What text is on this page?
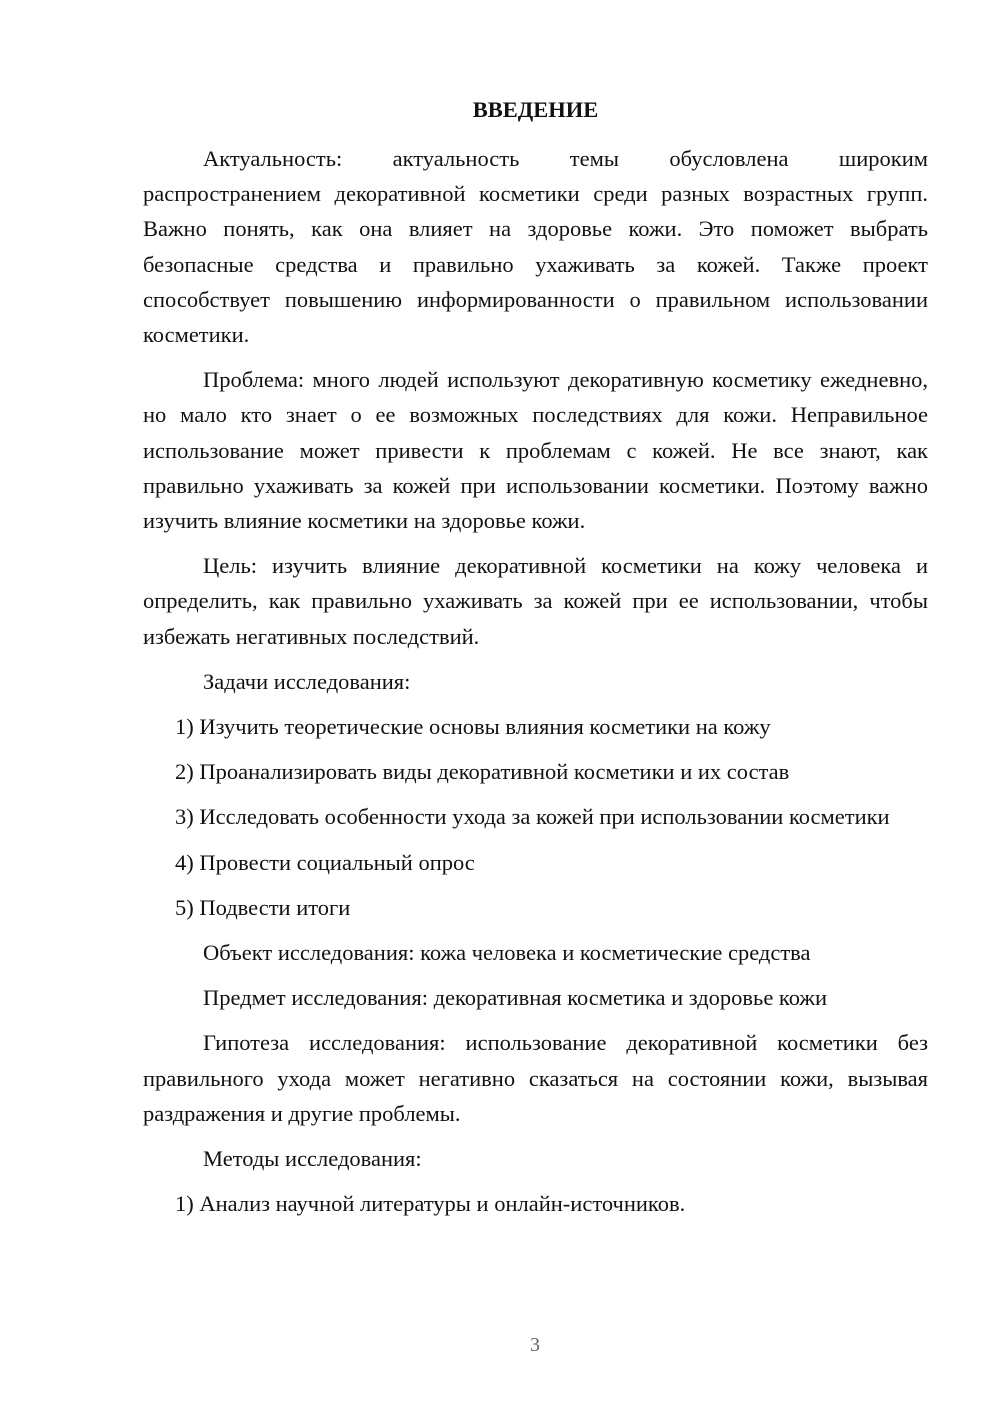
ВВЕДЕНИЕ

Актуальность: актуальность темы обусловлена широким распространением декоративной косметики среди разных возрастных групп. Важно понять, как она влияет на здоровье кожи. Это поможет выбрать безопасные средства и правильно ухаживать за кожей. Также проект способствует повышению информированности о правильном использовании косметики.

Проблема: много людей используют декоративную косметику ежедневно, но мало кто знает о ее возможных последствиях для кожи. Неправильное использование может привести к проблемам с кожей. Не все знают, как правильно ухаживать за кожей при использовании косметики. Поэтому важно изучить влияние косметики на здоровье кожи.

Цель: изучить влияние декоративной косметики на кожу человека и определить, как правильно ухаживать за кожей при ее использовании, чтобы избежать негативных последствий.

Задачи исследования:

1) Изучить теоретические основы влияния косметики на кожу

2) Проанализировать виды декоративной косметики и их состав

3) Исследовать особенности ухода за кожей при использовании косметики

4) Провести социальный опрос

5) Подвести итоги

Объект исследования: кожа человека и косметические средства

Предмет исследования: декоративная косметика и здоровье кожи

Гипотеза исследования: использование декоративной косметики без правильного ухода может негативно сказаться на состоянии кожи, вызывая раздражения и другие проблемы.

Методы исследования:

1) Анализ научной литературы и онлайн-источников.

3
